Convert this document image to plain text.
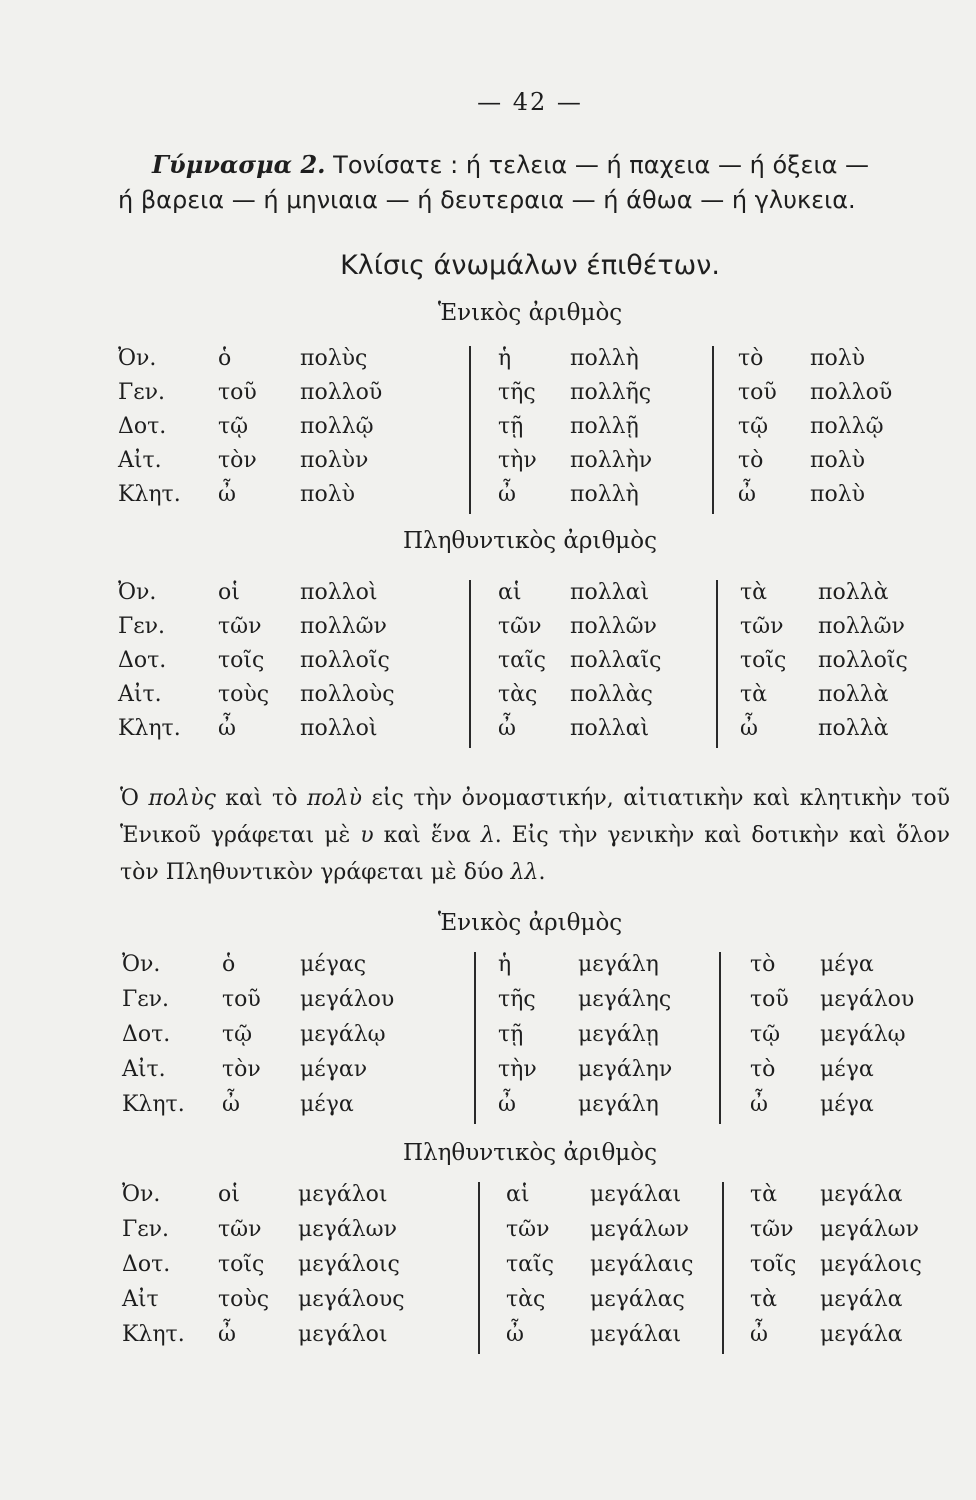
— 42 —
Γύμνασμα 2. Τονίσατε : ή τελεια — ή παχεια — ή όξεια —
ή βαρεια — ή μηνιαια — ή δευτεραια — ή άθωα — ή γλυκεια.
Κλίσις άνωμάλων έπιθέτων.
Ἑνικὸς ἀριθμὸς
Ὀν.	ὁ	πολὺς	ἡ	πολλὴ	τὸ πολὺ
Γεν. τοῦ πολλοῦ	τῆς πολλῆς	τοῦ πολλοῦ
Δοτ. τῷ πολλῷ	τῇ πολλῇ	τῷ πολλῷ
Αἰτ.	τὸν πολὺν	τὴν πολλὴν	τὸ πολὺ
Κλητ. ὦ	πολὺ	ὦ πολλὴ	ὦ πολὺ
Πληθυντικὸς ἀριθμὸς
Ὀν.	οἱ	πολλοὶ	αἱ πολλαὶ	τὰ πολλὰ
Γεν. τῶν πολλῶν	τῶν πολλῶν	τῶν πολλῶν
Δοτ. τοῖς πολλοῖς	ταῖς πολλαῖς	τοῖς πολλοῖς
Αἰτ.	τοὺς πολλοὺς	τὰς πολλὰς	τὰ πολλὰ
Κλητ. ὦ	πολλοὶ	ὦ πολλαὶ	ὦ	πολλὰ
Ὁ πολὺς καὶ τὸ πολὺ εἰς τὴν ὀνομαστικήν, αἰτιατικὴν καὶ κλητικὴν τοῦ Ἑνικοῦ γράφεται μὲ υ καὶ ἕνα λ. Εἰς τὴν γενικὴν καὶ δοτικὴν καὶ ὅλον τὸν Πληθυντικὸν γράφεται μὲ δύο λλ.
Ἑνικὸς ἀριθμὸς
Ὀν.	ὁ	μέγας	ἡ	μεγάλη	τὸ μέγα
Γεν. τοῦ μεγάλου	τῆς μεγάλης	τοῦ μεγάλου
Δοτ. τῷ μεγάλῳ	τῇ μεγάλῃ	τῷ μεγάλῳ
Αἰτ.	τὸν μέγαν	τὴν μεγάλην	τὸ μέγα
Κλητ. ὦ	μέγα	ὦ	μεγάλη	ὦ μέγα
Πληθυντικὸς ἀριθμὸς
Ὀν.	οἱ	μεγάλοι	αἱ	μεγάλαι	τὰ μεγάλα
Γεν. τῶν μεγάλων	τῶν μεγάλων	τῶν μεγάλων
Δοτ. τοῖς μεγάλοις	ταῖς μεγάλαις	τοῖς μεγάλοις
Αἰτ	τοὺς μεγάλους	τὰς μεγάλας	τὰ μεγάλα
Κλητ. ὦ	μεγάλοι	ὦ	μεγάλαι	ὦ μεγάλα
